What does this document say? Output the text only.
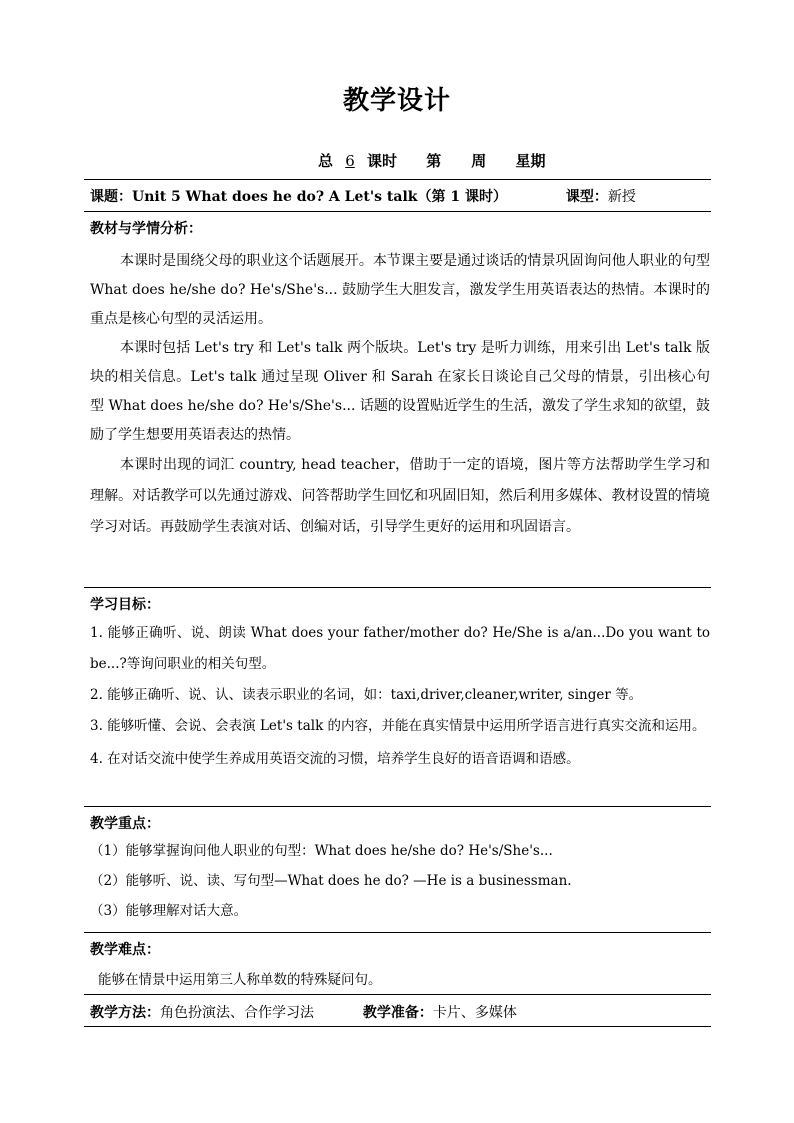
教学设计
总 6 课时 第 周 星期
课题：Unit 5 What does he do? A Let's talk（第 1 课时）	课型：新授
教材与学情分析：

本课时是围绕父母的职业这个话题展开。本节课主要是通过谈话的情景巩固询问他人职业的句型 What does he/she do? He's/She's... 鼓励学生大胆发言，激发学生用英语表达的热情。本课时的重点是核心句型的灵活运用。

本课时包括 Let's try 和 Let's talk 两个版块。Let's try 是听力训练，用来引出 Let's talk 版块的相关信息。Let's talk 通过呈现 Oliver 和 Sarah 在家长日谈论自己父母的情景，引出核心句型 What does he/she do? He's/She's... 话题的设置贴近学生的生活，激发了学生求知的欲望，鼓励了学生想要用英语表达的热情。

本课时出现的词汇 country, head teacher，借助于一定的语境，图片等方法帮助学生学习和理解。对话教学可以先通过游戏、问答帮助学生回忆和巩固旧知，然后利用多媒体、教材设置的情境学习对话。再鼓励学生表演对话、创编对话，引导学生更好的运用和巩固语言。

学习目标：

1. 能够正确听、说、朗读 What does your father/mother do? He/She is a/an...Do you want to be...?等询问职业的相关句型。

2. 能够正确听、说、认、读表示职业的名词，如：taxi,driver,cleaner,writer, singer 等。

3. 能够听懂、会说、会表演 Let's talk 的内容，并能在真实情景中运用所学语言进行真实交流和运用。

4. 在对话交流中使学生养成用英语交流的习惯，培养学生良好的语音语调和语感。

教学重点：

（1）能够掌握询问他人职业的句型：What does he/she do? He's/She's...

（2）能够听、说、读、写句型—What does he do? —He is a businessman.

（3）能够理解对话大意。

教学难点：

能够在情景中运用第三人称单数的特殊疑问句。

教学方法：角色扮演法、合作学习法	教学准备：卡片、多媒体
